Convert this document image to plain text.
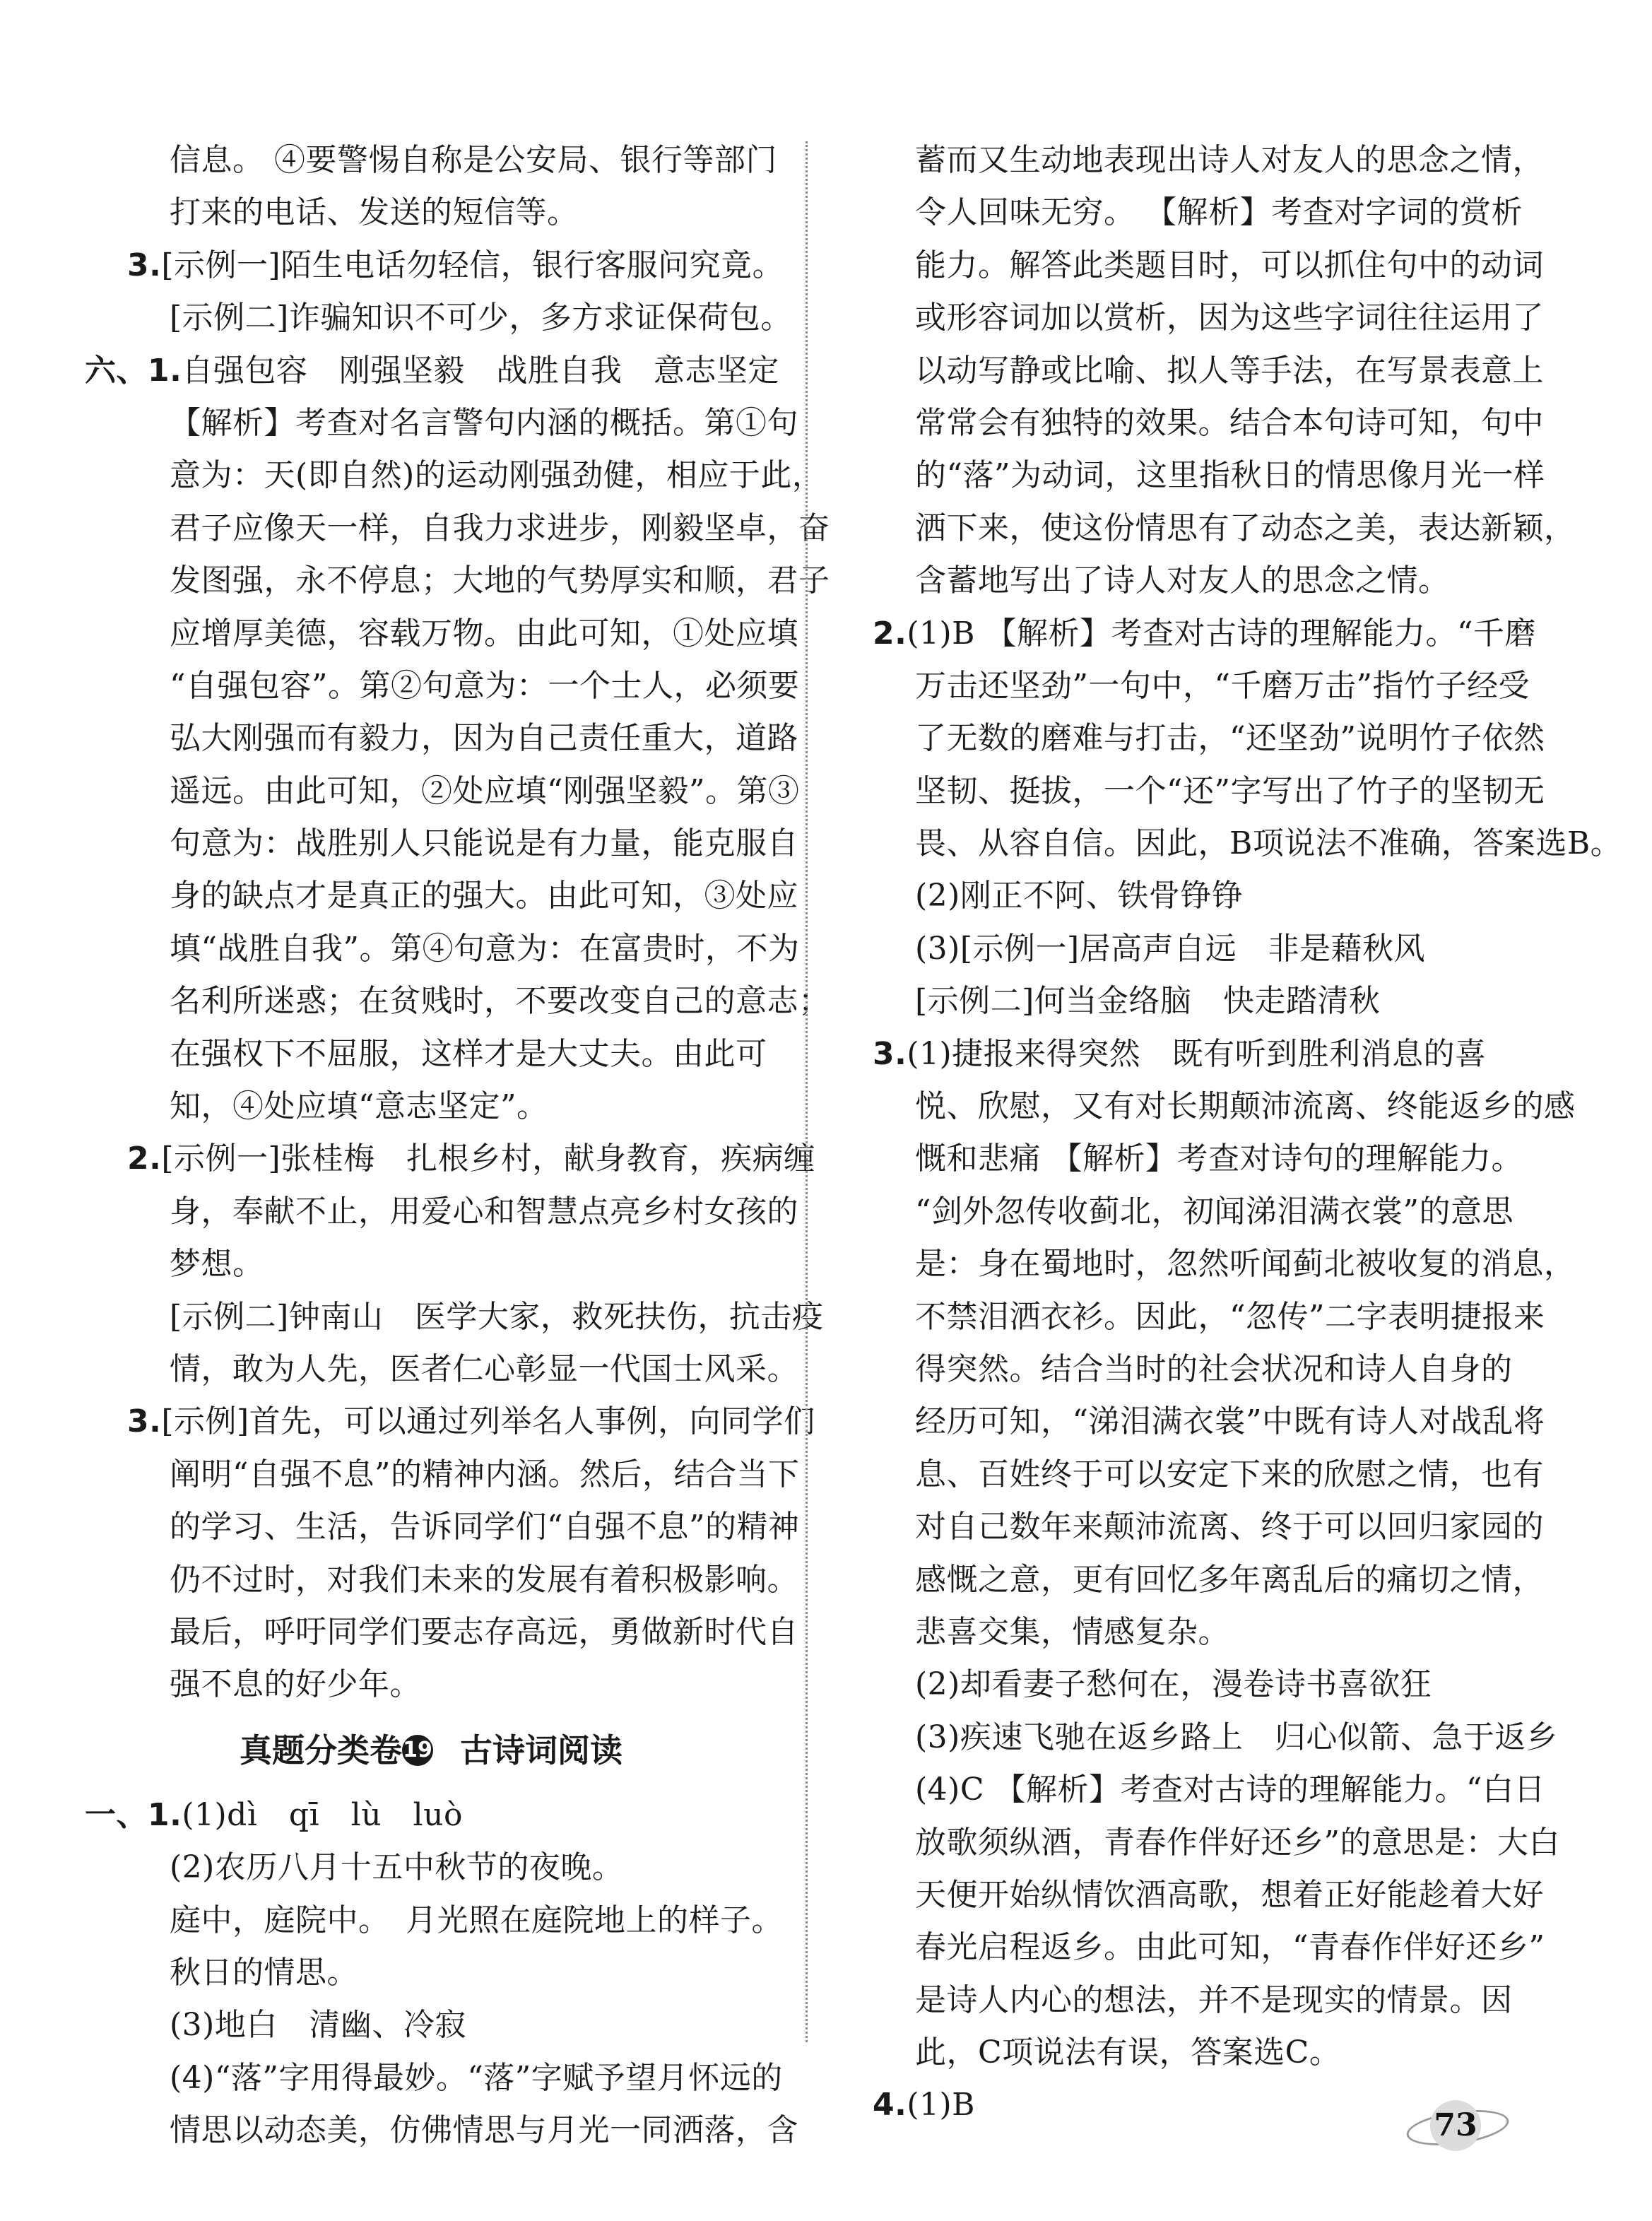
信息。 ④要警惕自称是公安局、银行等部门
打来的电话、发送的短信等。
3.[示例一]陌生电话勿轻信，银行客服问究竟。
[示例二]诈骗知识不可少，多方求证保荷包。
六、1.自强包容　刚强坚毅　战胜自我　意志坚定
【解析】考查对名言警句内涵的概括。第①句
意为：天(即自然)的运动刚强劲健，相应于此，
君子应像天一样，自我力求进步，刚毅坚卓，奋
发图强，永不停息；大地的气势厚实和顺，君子
应增厚美德，容载万物。由此可知，①处应填
“自强包容”。第②句意为：一个士人，必须要
弘大刚强而有毅力，因为自己责任重大，道路
遥远。由此可知，②处应填“刚强坚毅”。第③
句意为：战胜别人只能说是有力量，能克服自
身的缺点才是真正的强大。由此可知，③处应
填“战胜自我”。第④句意为：在富贵时，不为
名利所迷惑；在贫贱时，不要改变自己的意志；
在强权下不屈服，这样才是大丈夫。由此可
知，④处应填“意志坚定”。
2.[示例一]张桂梅　扎根乡村，献身教育，疾病缠
身，奉献不止，用爱心和智慧点亮乡村女孩的
梦想。
[示例二]钟南山　医学大家，救死扶伤，抗击疫
情，敢为人先，医者仁心彰显一代国士风采。
3.[示例]首先，可以通过列举名人事例，向同学们
阐明“自强不息”的精神内涵。然后，结合当下
的学习、生活，告诉同学们“自强不息”的精神
仍不过时，对我们未来的发展有着积极影响。
最后，呼吁同学们要志存高远，勇做新时代自
强不息的好少年。
真题分类卷19 古诗词阅读
一、1.(1)dì　qī　lù　luò
(2)农历八月十五中秋节的夜晚。
庭中，庭院中。　月光照在庭院地上的样子。
秋日的情思。
(3)地白　清幽、冷寂
(4)“落”字用得最妙。“落”字赋予望月怀远的
情思以动态美，仿佛情思与月光一同洒落，含
蓄而又生动地表现出诗人对友人的思念之情，
令人回味无穷。 【解析】考查对字词的赏析
能力。解答此类题目时，可以抓住句中的动词
或形容词加以赏析，因为这些字词往往运用了
以动写静或比喻、拟人等手法，在写景表意上
常常会有独特的效果。结合本句诗可知，句中
的“落”为动词，这里指秋日的情思像月光一样
洒下来，使这份情思有了动态之美，表达新颖，
含蓄地写出了诗人对友人的思念之情。
2.(1)B 【解析】考查对古诗的理解能力。“千磨
万击还坚劲”一句中，“千磨万击”指竹子经受
了无数的磨难与打击，“还坚劲”说明竹子依然
坚韧、挺拔，一个“还”字写出了竹子的坚韧无
畏、从容自信。因此，B项说法不准确，答案选B。
(2)刚正不阿、铁骨铮铮
(3)[示例一]居高声自远　非是藉秋风
[示例二]何当金络脑　快走踏清秋
3.(1)捷报来得突然　既有听到胜利消息的喜
悦、欣慰，又有对长期颠沛流离、终能返乡的感
慨和悲痛 【解析】考查对诗句的理解能力。
“剑外忽传收蓟北，初闻涕泪满衣裳”的意思
是：身在蜀地时，忽然听闻蓟北被收复的消息，
不禁泪洒衣衫。因此，“忽传”二字表明捷报来
得突然。结合当时的社会状况和诗人自身的
经历可知，“涕泪满衣裳”中既有诗人对战乱将
息、百姓终于可以安定下来的欣慰之情，也有
对自己数年来颠沛流离、终于可以回归家园的
感慨之意，更有回忆多年离乱后的痛切之情，
悲喜交集，情感复杂。
(2)却看妻子愁何在，漫卷诗书喜欲狂
(3)疾速飞驰在返乡路上　归心似箭、急于返乡
(4)C 【解析】考查对古诗的理解能力。“白日
放歌须纵酒，青春作伴好还乡”的意思是：大白
天便开始纵情饮酒高歌，想着正好能趁着大好
春光启程返乡。由此可知，“青春作伴好还乡”
是诗人内心的想法，并不是现实的情景。因
此，C项说法有误，答案选C。
4.(1)B
73
